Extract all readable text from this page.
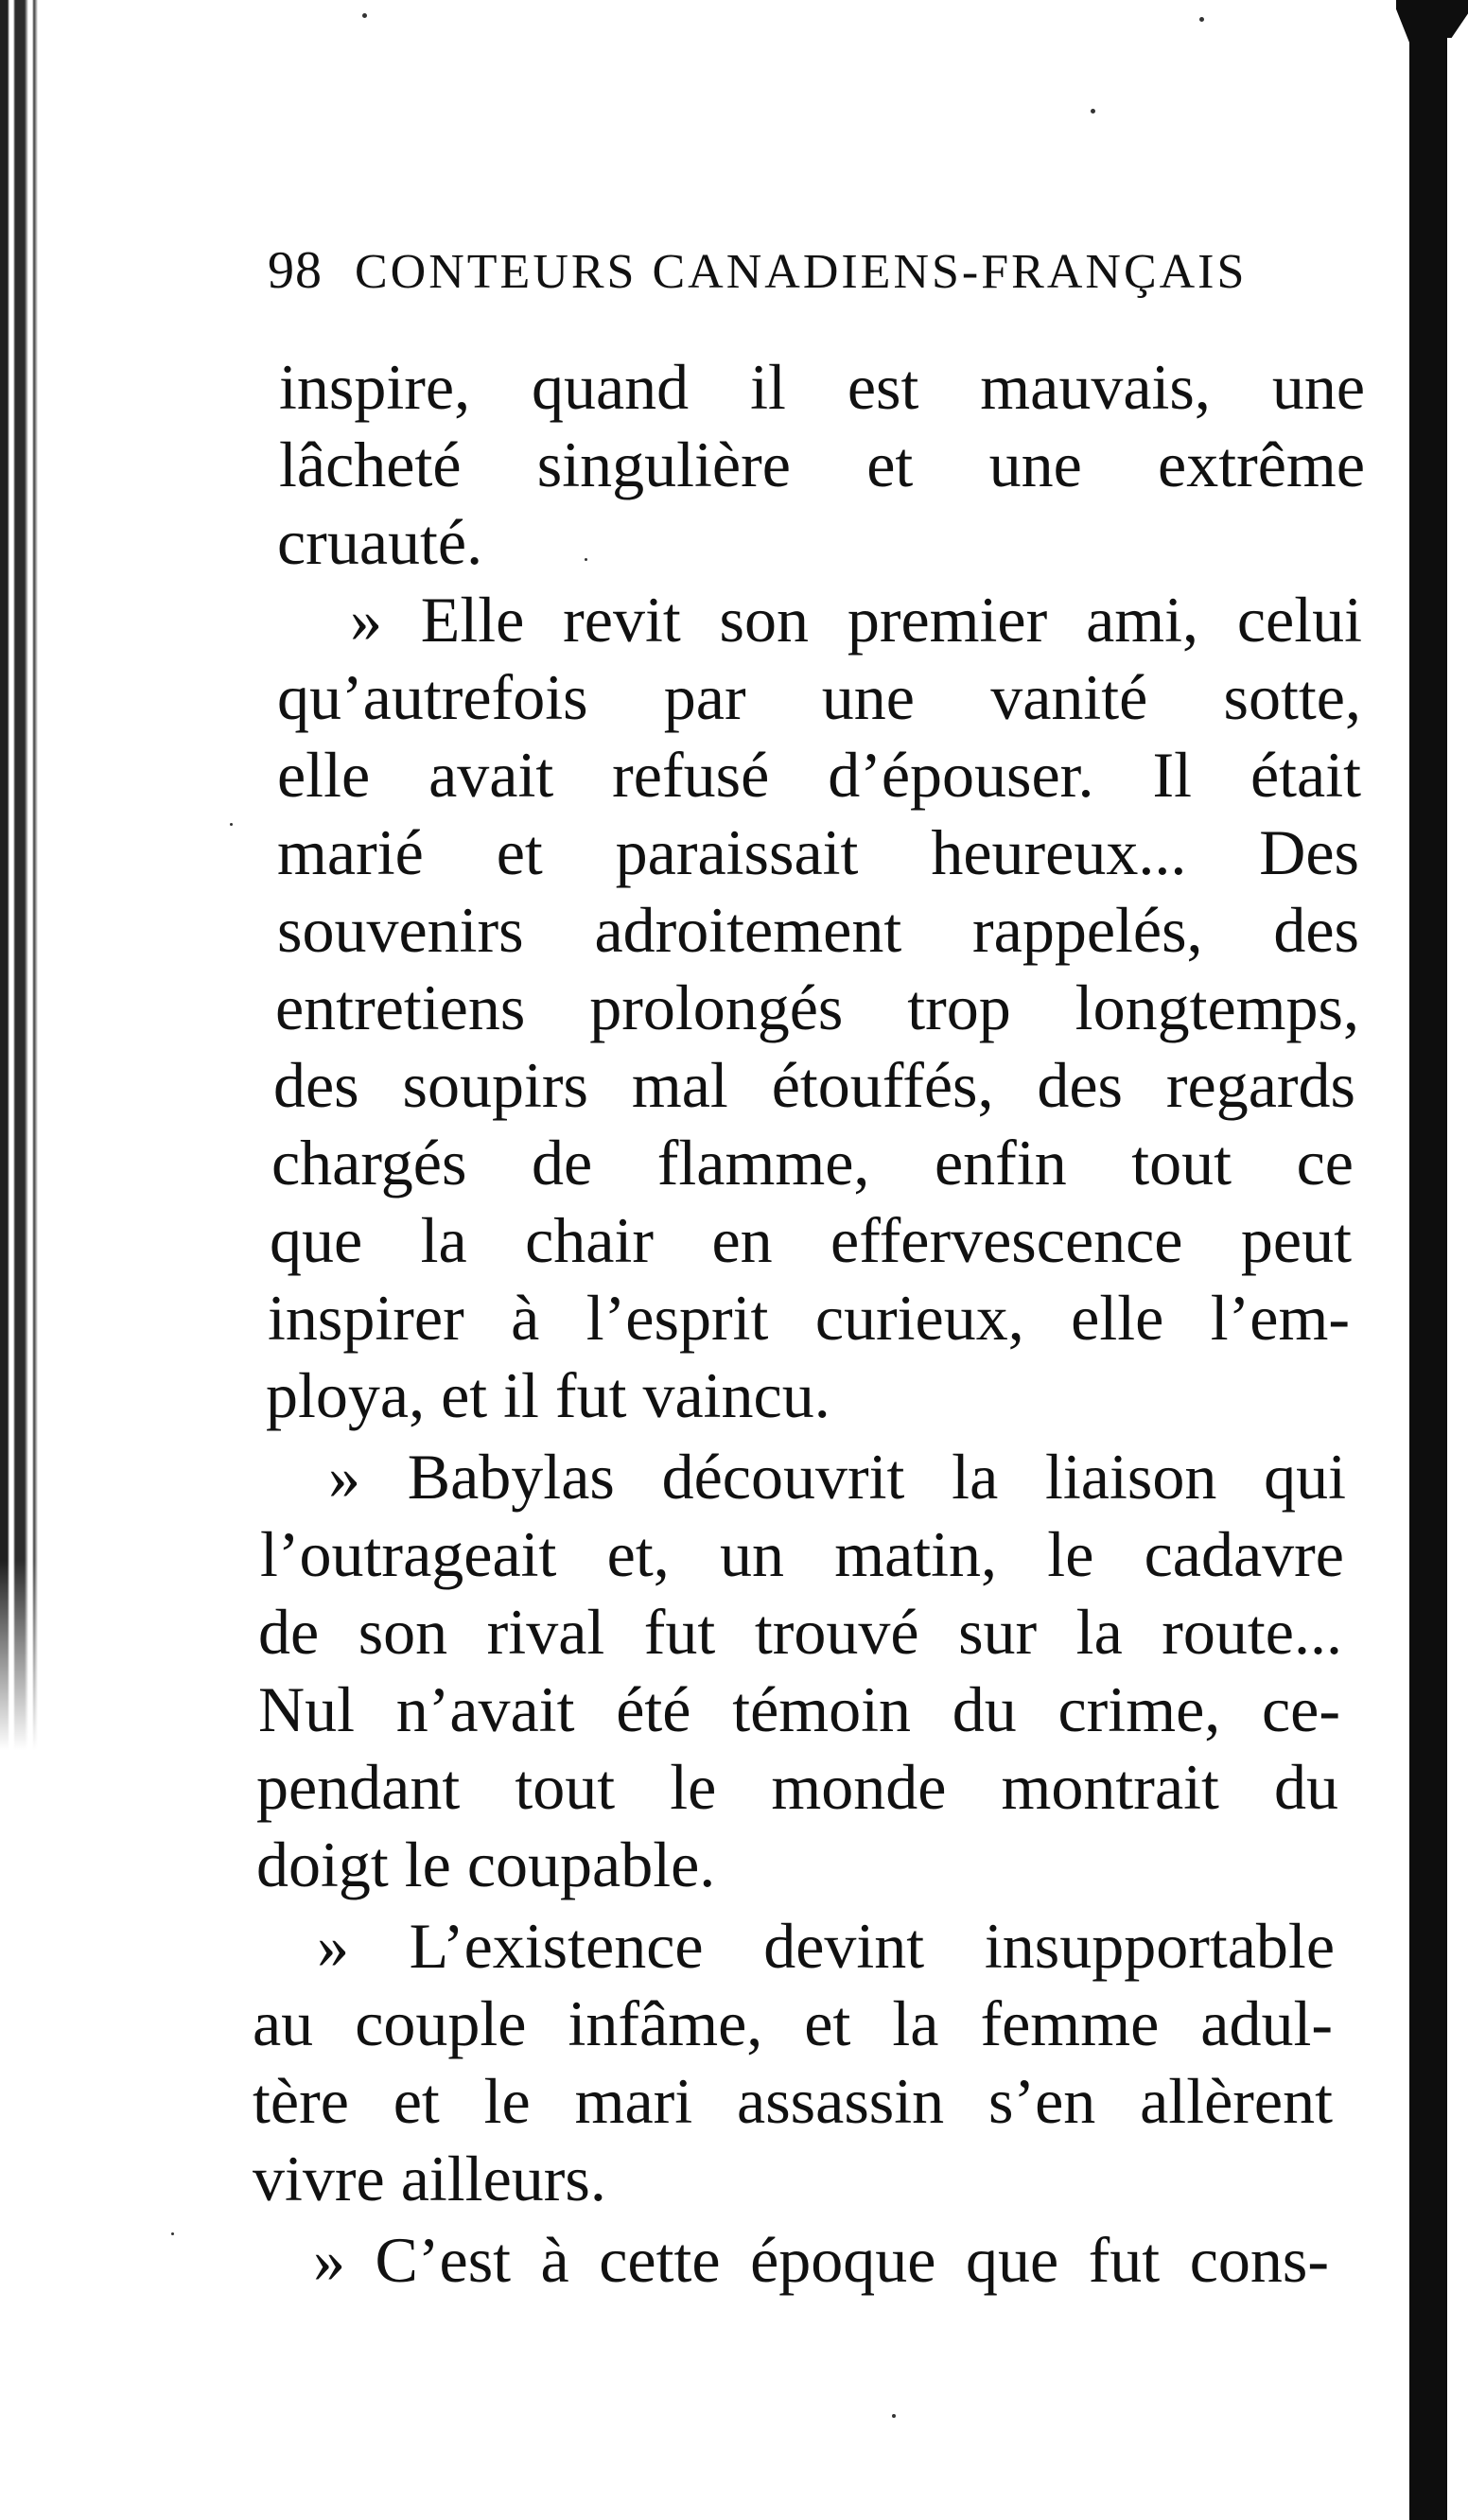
98 CONTEURS CANADIENS-FRANÇAIS
inspire, quand il est mauvais, une
lâcheté singulière et une extrême
cruauté.
» Elle revit son premier ami, celui
qu’autrefois par une vanité sotte,
elle avait refusé d’épouser. Il était
marié et paraissait heureux... Des
souvenirs adroitement rappelés, des
entretiens prolongés trop longtemps,
des soupirs mal étouffés, des regards
chargés de flamme, enfin tout ce
que la chair en effervescence peut
inspirer à l’esprit curieux, elle l’em-
ploya, et il fut vaincu.
» Babylas découvrit la liaison qui
l’outrageait et, un matin, le cadavre
de son rival fut trouvé sur la route...
Nul n’avait été témoin du crime, ce-
pendant tout le monde montrait du
doigt le coupable.
» L’existence devint insupportable
au couple infâme, et la femme adul-
tère et le mari assassin s’en allèrent
vivre ailleurs.
» C’est à cette époque que fut cons-
